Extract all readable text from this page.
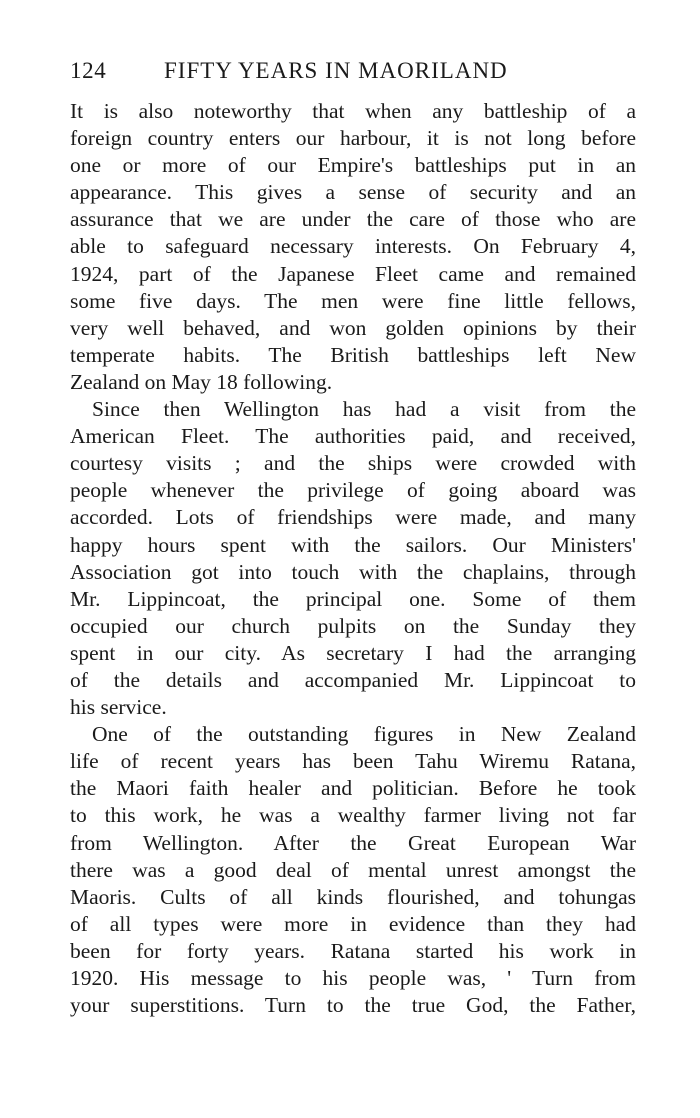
124	FIFTY YEARS IN MAORILAND

It is also noteworthy that when any battleship of a
foreign country enters our harbour, it is not long before
one or more of our Empire's battleships put in an
appearance. This gives a sense of security and an
assurance that we are under the care of those who are
able to safeguard necessary interests. On February 4,
1924, part of the Japanese Fleet came and remained
some five days. The men were fine little fellows,
very well behaved, and won golden opinions by their
temperate habits. The British battleships left New
Zealand on May 18 following.

Since then Wellington has had a visit from the
American Fleet. The authorities paid, and received,
courtesy visits ; and the ships were crowded with
people whenever the privilege of going aboard was
accorded. Lots of friendships were made, and many
happy hours spent with the sailors. Our Ministers'
Association got into touch with the chaplains, through
Mr. Lippincoat, the principal one. Some of them
occupied our church pulpits on the Sunday they
spent in our city. As secretary I had the arranging
of the details and accompanied Mr. Lippincoat to
his service.

One of the outstanding figures in New Zealand
life of recent years has been Tahu Wiremu Ratana,
the Maori faith healer and politician. Before he took
to this work, he was a wealthy farmer living not far
from Wellington. After the Great European War
there was a good deal of mental unrest amongst the
Maoris. Cults of all kinds flourished, and tohungas
of all types were more in evidence than they had
been for forty years. Ratana started his work in
1920. His message to his people was, ' Turn from
your superstitions. Turn to the true God, the Father,
